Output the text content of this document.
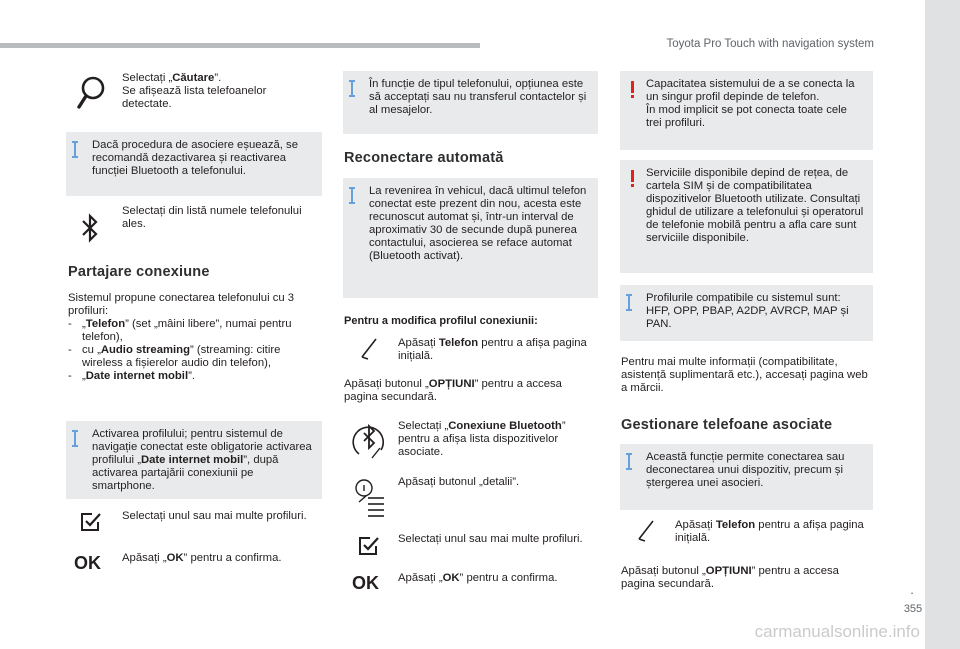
Toyota Pro Touch with navigation system
.
355
carmanualsonline.info
Selectați „Căutare”.
Se afișează lista telefoanelor detectate.
Dacă procedura de asociere eșuează, se recomandă dezactivarea și reactivarea funcției Bluetooth a telefonului.
Selectați din listă numele telefonului ales.
Partajare conexiune
Sistemul propune conectarea telefonului cu 3 profiluri:
- „Telefon” (set „mâini libere”, numai pentru telefon),
- cu „Audio streaming” (streaming: citire wireless a fișierelor audio din telefon),
- „Date internet mobil”.
Activarea profilului; pentru sistemul de navigație conectat este obligatorie activarea profilului „Date internet mobil”, după activarea partajării conexiunii pe smartphone.
Selectați unul sau mai multe profiluri.
OK Apăsați „OK” pentru a confirma.
În funcție de tipul telefonului, opțiunea este să acceptați sau nu transferul contactelor și al mesajelor.
Reconectare automată
La revenirea în vehicul, dacă ultimul telefon conectat este prezent din nou, acesta este recunoscut automat și, într-un interval de aproximativ 30 de secunde după punerea contactului, asocierea se reface automat (Bluetooth activat).
Pentru a modifica profilul conexiunii:
Apăsați Telefon pentru a afișa pagina inițială.
Apăsați butonul „OPȚIUNI” pentru a accesa pagina secundară.
Selectați „Conexiune Bluetooth” pentru a afișa lista dispozitivelor asociate.
Apăsați butonul „detalii”.
Selectați unul sau mai multe profiluri.
OK Apăsați „OK” pentru a confirma.
Capacitatea sistemului de a se conecta la un singur profil depinde de telefon.
În mod implicit se pot conecta toate cele trei profiluri.
Serviciile disponibile depind de rețea, de cartela SIM și de compatibilitatea dispozitivelor Bluetooth utilizate. Consultați ghidul de utilizare a telefonului și operatorul de telefonie mobilă pentru a afla care sunt serviciile disponibile.
Profilurile compatibile cu sistemul sunt: HFP, OPP, PBAP, A2DP, AVRCP, MAP și PAN.
Pentru mai multe informații (compatibilitate, asistență suplimentară etc.), accesați pagina web a mărcii.
Gestionare telefoane asociate
Această funcție permite conectarea sau deconectarea unui dispozitiv, precum și ștergerea unei asocieri.
Apăsați Telefon pentru a afișa pagina inițială.
Apăsați butonul „OPȚIUNI” pentru a accesa pagina secundară.
